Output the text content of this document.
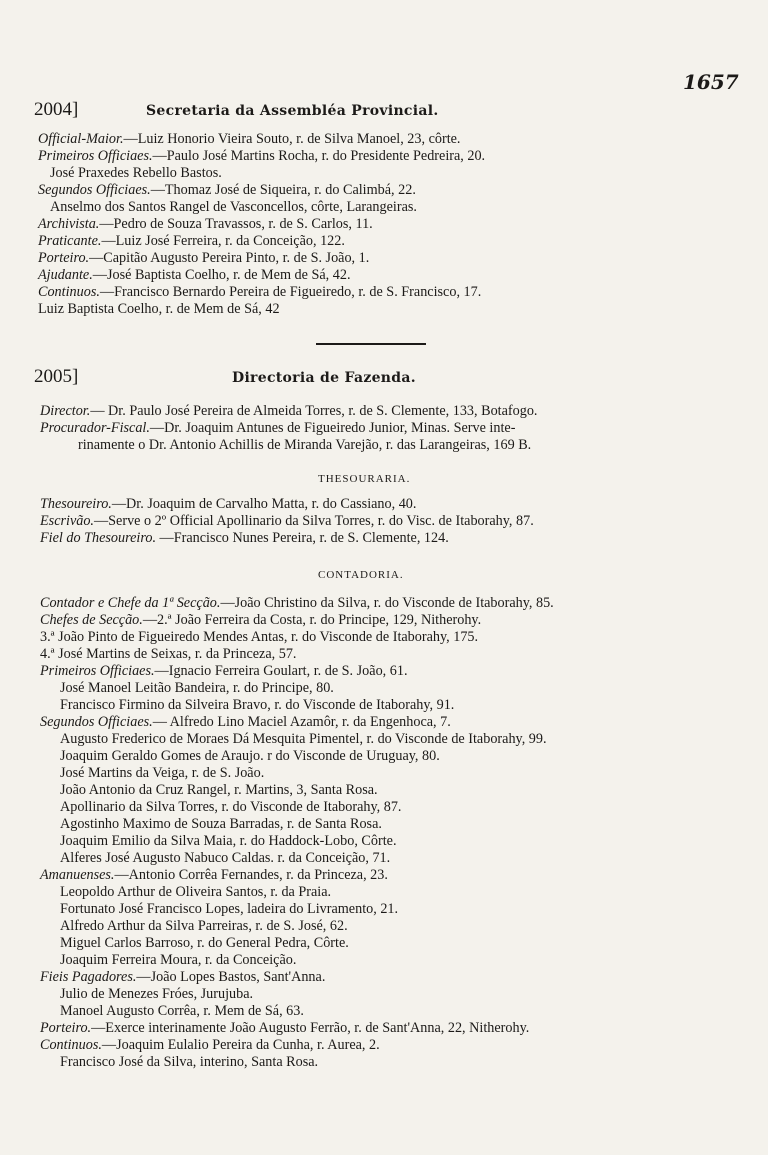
1657
2004]	Secretaria da Assembléa Provincial.
Official-Maior.—Luiz Honorio Vieira Souto, r. de Silva Manoel, 23, côrte.
Primeiros Officiaes.—Paulo José Martins Rocha, r. do Presidente Pedreira, 20.
José Praxedes Rebello Bastos.
Segundos Officiaes.—Thomaz José de Siqueira, r. do Calimbá, 22.
Anselmo dos Santos Rangel de Vasconcellos, côrte, Larangeiras.
Archivista.—Pedro de Souza Travassos, r. de S. Carlos, 11.
Praticante.—Luiz José Ferreira, r. da Conceição, 122.
Porteiro.—Capitão Augusto Pereira Pinto, r. de S. João, 1.
Ajudante.—José Baptista Coelho, r. de Mem de Sá, 42.
Continuos.—Francisco Bernardo Pereira de Figueiredo, r. de S. Francisco, 17.
Luiz Baptista Coelho, r. de Mem de Sá, 42
2005]	Directoria de Fazenda.
Director.— Dr. Paulo José Pereira de Almeida Torres, r. de S. Clemente, 133, Botafogo.
Procurador-Fiscal.—Dr. Joaquim Antunes de Figueiredo Junior, Minas. Serve inte-
rinamente o Dr. Antonio Achillis de Miranda Varejão, r. das Larangeiras, 169 B.
THESOURARIA.
Thesoureiro.—Dr. Joaquim de Carvalho Matta, r. do Cassiano, 40.
Escrivão.—Serve o 2º Official Apollinario da Silva Torres, r. do Visc. de Itaborahy, 87.
Fiel do Thesoureiro. —Francisco Nunes Pereira, r. de S. Clemente, 124.
CONTADORIA.
Contador e Chefe da 1ª Secção.—João Christino da Silva, r. do Visconde de Itaborahy, 85.
Chefes de Secção.—2.ª João Ferreira da Costa, r. do Principe, 129, Nitherohy.
3.ª João Pinto de Figueiredo Mendes Antas, r. do Visconde de Itaborahy, 175.
4.ª José Martins de Seixas, r. da Princeza, 57.
Primeiros Officiaes.—Ignacio Ferreira Goulart, r. de S. João, 61.
José Manoel Leitão Bandeira, r. do Principe, 80.
Francisco Firmino da Silveira Bravo, r. do Visconde de Itaborahy, 91.
Segundos Officiaes.— Alfredo Lino Maciel Azamôr, r. da Engenhoca, 7.
Augusto Frederico de Moraes Dá Mesquita Pimentel, r. do Visconde de Itaborahy, 99.
Joaquim Geraldo Gomes de Araujo. r do Visconde de Uruguay, 80.
José Martins da Veiga, r. de S. João.
João Antonio da Cruz Rangel, r. Martins, 3, Santa Rosa.
Apollinario da Silva Torres, r. do Visconde de Itaborahy, 87.
Agostinho Maximo de Souza Barradas, r. de Santa Rosa.
Joaquim Emilio da Silva Maia, r. do Haddock-Lobo, Côrte.
Alferes José Augusto Nabuco Caldas. r. da Conceição, 71.
Amanuenses.—Antonio Corrêa Fernandes, r. da Princeza, 23.
Leopoldo Arthur de Oliveira Santos, r. da Praia.
Fortunato José Francisco Lopes, ladeira do Livramento, 21.
Alfredo Arthur da Silva Parreiras, r. de S. José, 62.
Miguel Carlos Barroso, r. do General Pedra, Côrte.
Joaquim Ferreira Moura, r. da Conceição.
Fieis Pagadores.—João Lopes Bastos, Sant'Anna.
Julio de Menezes Fróes, Jurujuba.
Manoel Augusto Corrêa, r. Mem de Sá, 63.
Porteiro.—Exerce interinamente João Augusto Ferrão, r. de Sant'Anna, 22, Nitherohy.
Continuos.—Joaquim Eulalio Pereira da Cunha, r. Aurea, 2.
Francisco José da Silva, interino, Santa Rosa.
